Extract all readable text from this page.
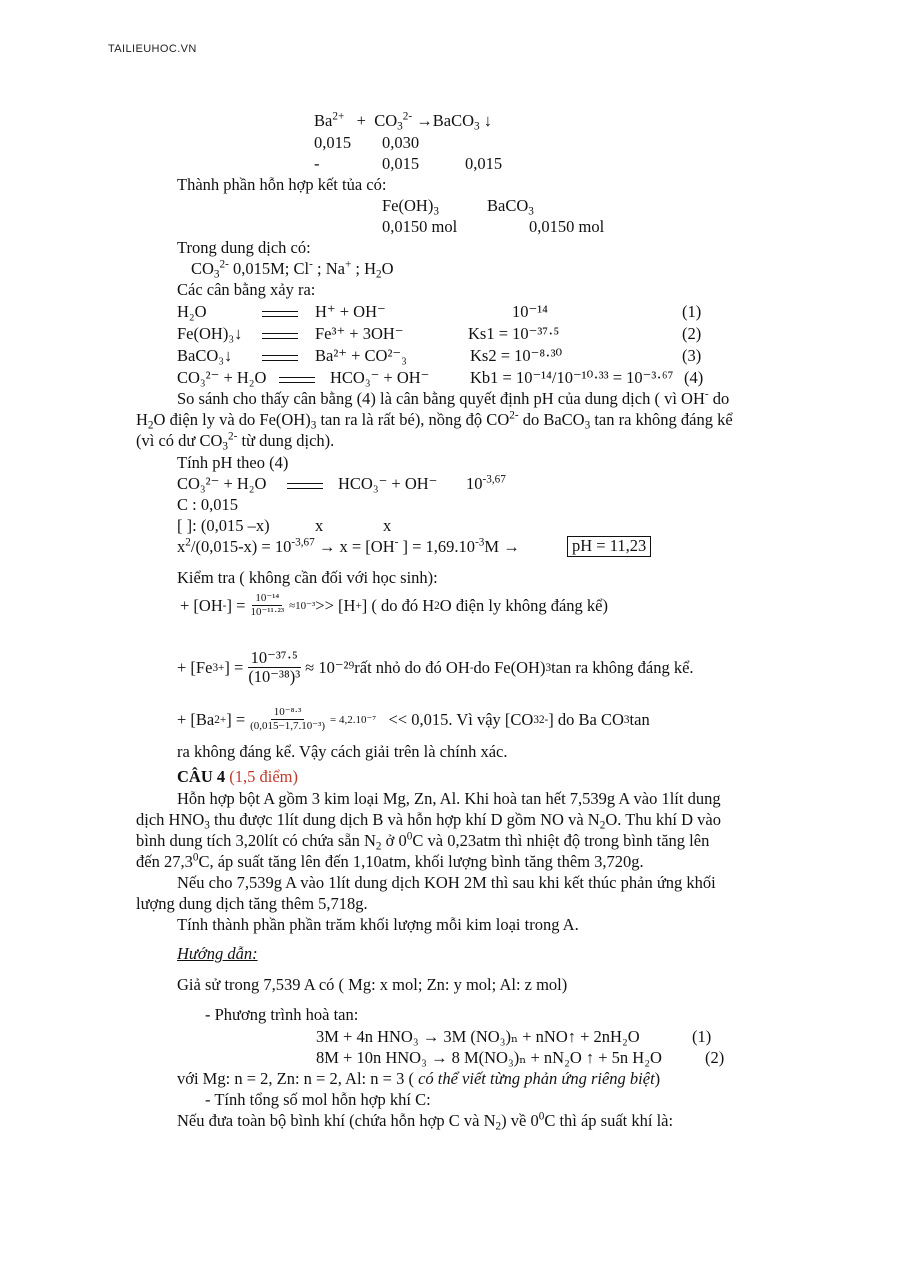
TAILIEUHOC.VN
$Ba^{2+} + CO_3^{2-}$ →BaCO$_3$ ↓
0,015 0,030
-	0,015	0,015
Thành phần hỗn hợp kết tủa có:
$Fe(OH)_3$	BaCO$_3$
0,0150 mol	0,0150 mol
Trong dung dịch có:
$CO_3^{2-}$ 0,015M; Cl- ; Na+ ; $H_2O$
Các cân bằng xảy ra:
H₂O	H⁺ + OH⁻	10⁻¹⁴	(1)
Fe(OH)₃↓	Fe³⁺ + 3OH⁻	Ks1 = 10⁻³⁷·⁵	(2)
BaCO₃↓	Ba²⁺ + CO²⁻₃	Ks2 = 10⁻⁸·³⁰	(3)
CO₃²⁻ + H₂O	HCO₃⁻ + OH⁻ Kb1 = 10⁻¹⁴/10⁻¹⁰·³³ = 10⁻³·⁶⁷ (4)
So sánh cho thấy cân bằng (4) là cân bằng quyết định pH của dung dịch ( vì OH- do
$H_2O$ điện ly và do $Fe(OH)_3$ tan ra là rất bé), nồng độ $CO^{2-}$ do BaCO$_3$ tan ra không đáng kể
(vì có dư $CO_3^{2-}$ từ dung dịch).
Tính pH theo (4)
CO₃²⁻ + H₂O	HCO₃⁻ + OH⁻ $10^{-3,67}$
C : 0,015
[ ]: (0,015 –x)	x	x
$x^2/(0,015-x) = 10^{-3,67} \to x = [OH^-$ ] = $1,69.10^{-3}M$ →	pH = 11,23
Kiểm tra ( không cần đối với học sinh):
+ [OH - ] = $\frac{\text{10⁻¹⁴}}{\text{10⁻¹¹·²³}} \approx 10^{-3} >> [H$ + ] ( do đó H 2 O điện ly không đáng kể)
+ [Fe 3+ ] = $\frac{\text{10⁻³⁷·⁵}}{\text{(10⁻³⁸)³}} \approx 10^{-29}$ rất nhỏ do đó OH - do Fe(OH) 3 tan ra không đáng kể.
+ [Ba 2+ ] = $\frac{\text{10⁻⁸·³}}{\text{(0,015−1,7.10⁻³)}} = 4,2.10^{-7}$
<< 0,015. Vì vậy [CO 3 2- ] do Ba CO 3 tan
ra không đáng kể. Vậy cách giải trên là chính xác.
CÂU 4 (1,5 điểm)
Hỗn hợp bột A gồm 3 kim loại Mg, Zn, Al. Khi hoà tan hết 7,539g A vào 1lít dung
dịch $HNO_3$ thu được 1lít dung dịch B và hỗn hợp khí D gồm NO và $N_2O$. Thu khí D vào
bình dung tích 3,20lít có chứa sẵn $N_2$ ở $0^0C$ và 0,23atm thì nhiệt độ trong bình tăng lên
đến 27,3$^0$C, áp suất tăng lên đến 1,10atm, khối lượng bình tăng thêm 3,720g.
Nếu cho 7,539g A vào 1lít dung dịch KOH 2M thì sau khi kết thúc phản ứng khối
lượng dung dịch tăng thêm 5,718g.
Tính thành phần phần trăm khối lượng mỗi kim loại trong A.
Hướng dẫn:
Giả sử trong 7,539 A có ( Mg: x mol; Zn: y mol; Al: z mol)
- Phương trình hoà tan:
3M + 4n HNO₃ → 3M (NO₃)ₙ + nNO↑ + 2nH₂O	(1)
8M + 10n HNO₃ → 8 M(NO₃)ₙ + nN₂O ↑ + 5n H₂O	(2)
với Mg: n = 2, Zn: n = 2, Al: n = 3 ( có thể viết từng phản ứng riêng biệt)
- Tính tổng số mol hỗn hợp khí C:
Nếu đưa toàn bộ bình khí (chứa hỗn hợp C và $N_2$) về $0^0C$ thì áp suất khí là:
